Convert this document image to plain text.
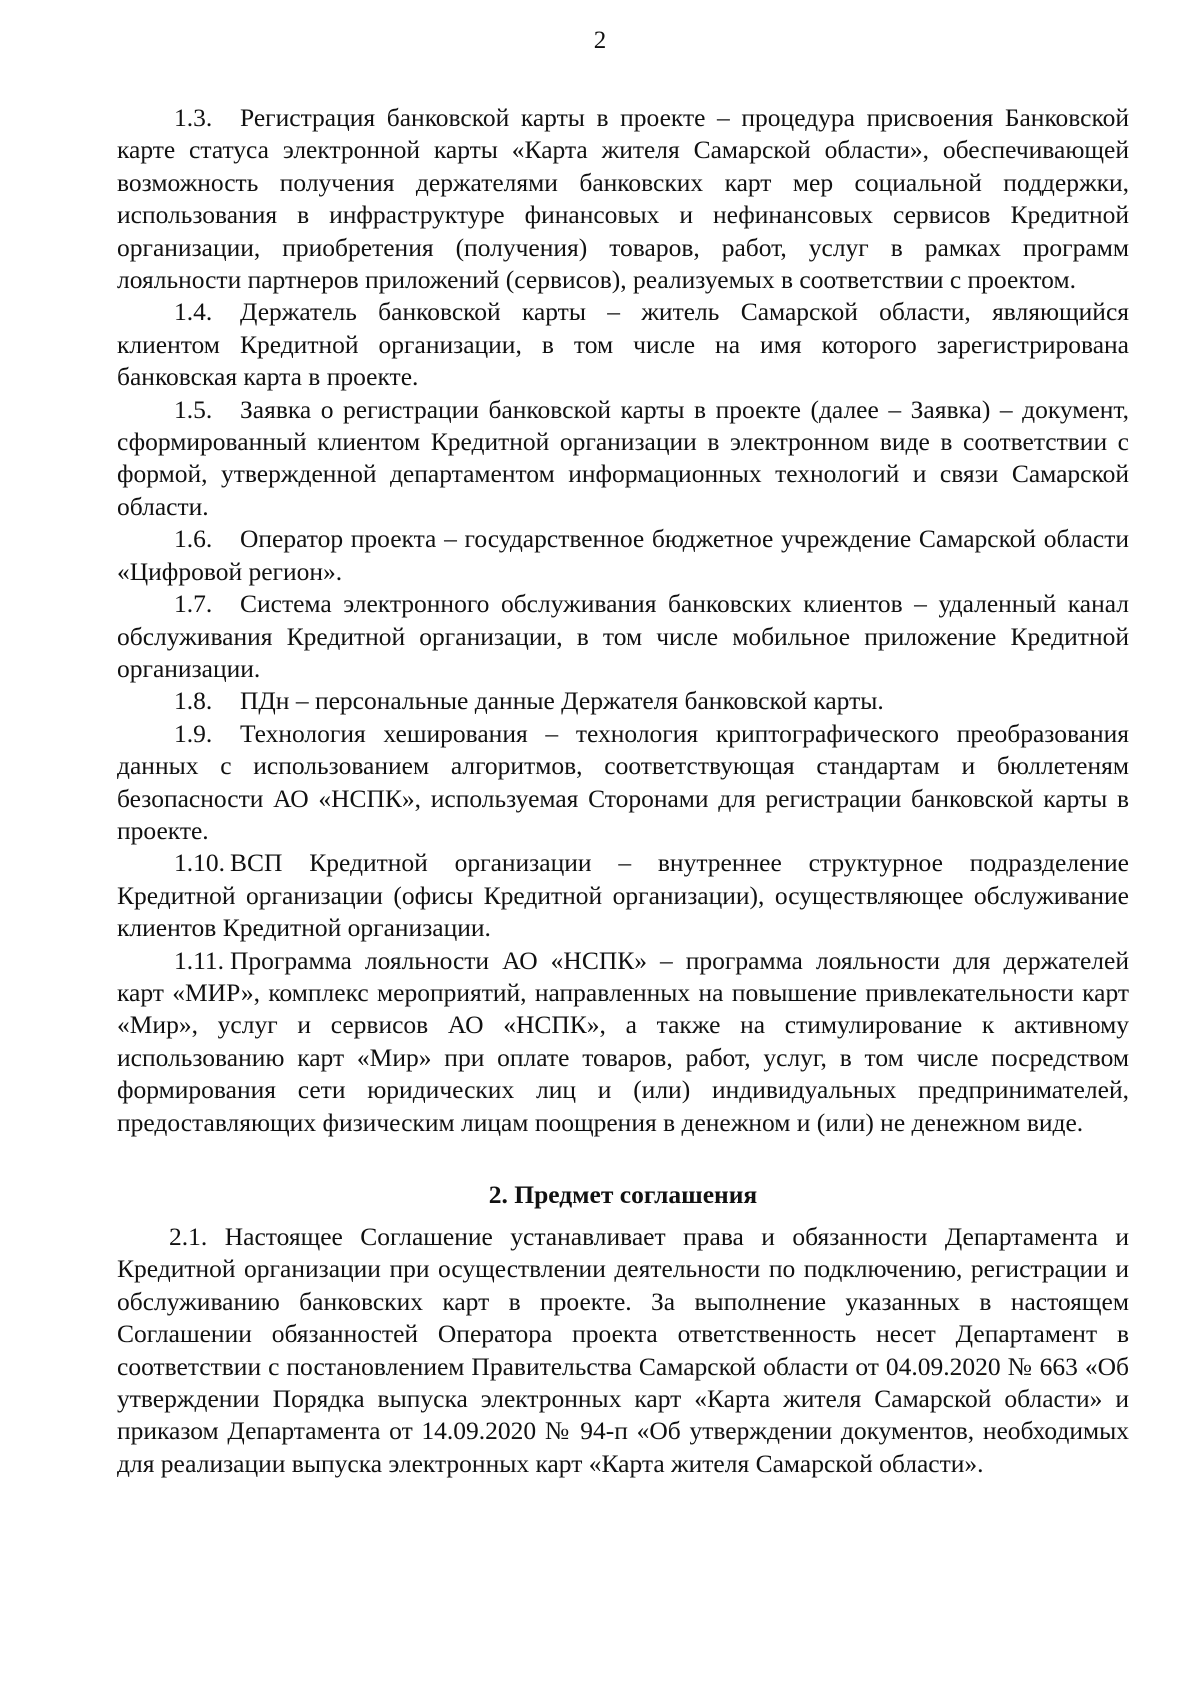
2

1.3. Регистрация банковской карты в проекте – процедура присвоения Банковской карте статуса электронной карты «Карта жителя Самарской области», обеспечивающей возможность получения держателями банковских карт мер социальной поддержки, использования в инфраструктуре финансовых и нефинансовых сервисов Кредитной организации, приобретения (получения) товаров, работ, услуг в рамках программ лояльности партнеров приложений (сервисов), реализуемых в соответствии с проектом.

1.4. Держатель банковской карты – житель Самарской области, являющийся клиентом Кредитной организации, в том числе на имя которого зарегистрирована банковская карта в проекте.

1.5. Заявка о регистрации банковской карты в проекте (далее – Заявка) – документ, сформированный клиентом Кредитной организации в электронном виде в соответствии с формой, утвержденной департаментом информационных технологий и связи Самарской области.

1.6. Оператор проекта – государственное бюджетное учреждение Самарской области «Цифровой регион».

1.7. Система электронного обслуживания банковских клиентов – удаленный канал обслуживания Кредитной организации, в том числе мобильное приложение Кредитной организации.

1.8. ПДн – персональные данные Держателя банковской карты.

1.9. Технология хеширования – технология криптографического преобразования данных с использованием алгоритмов, соответствующая стандартам и бюллетеням безопасности АО «НСПК», используемая Сторонами для регистрации банковской карты в проекте.

1.10. ВСП Кредитной организации – внутреннее структурное подразделение Кредитной организации (офисы Кредитной организации), осуществляющее обслуживание клиентов Кредитной организации.

1.11. Программа лояльности АО «НСПК» – программа лояльности для держателей карт «МИР», комплекс мероприятий, направленных на повышение привлекательности карт «Мир», услуг и сервисов АО «НСПК», а также на стимулирование к активному использованию карт «Мир» при оплате товаров, работ, услуг, в том числе посредством формирования сети юридических лиц и (или) индивидуальных предпринимателей, предоставляющих физическим лицам поощрения в денежном и (или) не денежном виде.

2. Предмет соглашения

2.1. Настоящее Соглашение устанавливает права и обязанности Департамента и Кредитной организации при осуществлении деятельности по подключению, регистрации и обслуживанию банковских карт в проекте. За выполнение указанных в настоящем Соглашении обязанностей Оператора проекта ответственность несет Департамент в соответствии с постановлением Правительства Самарской области от 04.09.2020 № 663 «Об утверждении Порядка выпуска электронных карт «Карта жителя Самарской области» и приказом Департамента от 14.09.2020 № 94-п «Об утверждении документов, необходимых для реализации выпуска электронных карт «Карта жителя Самарской области».
